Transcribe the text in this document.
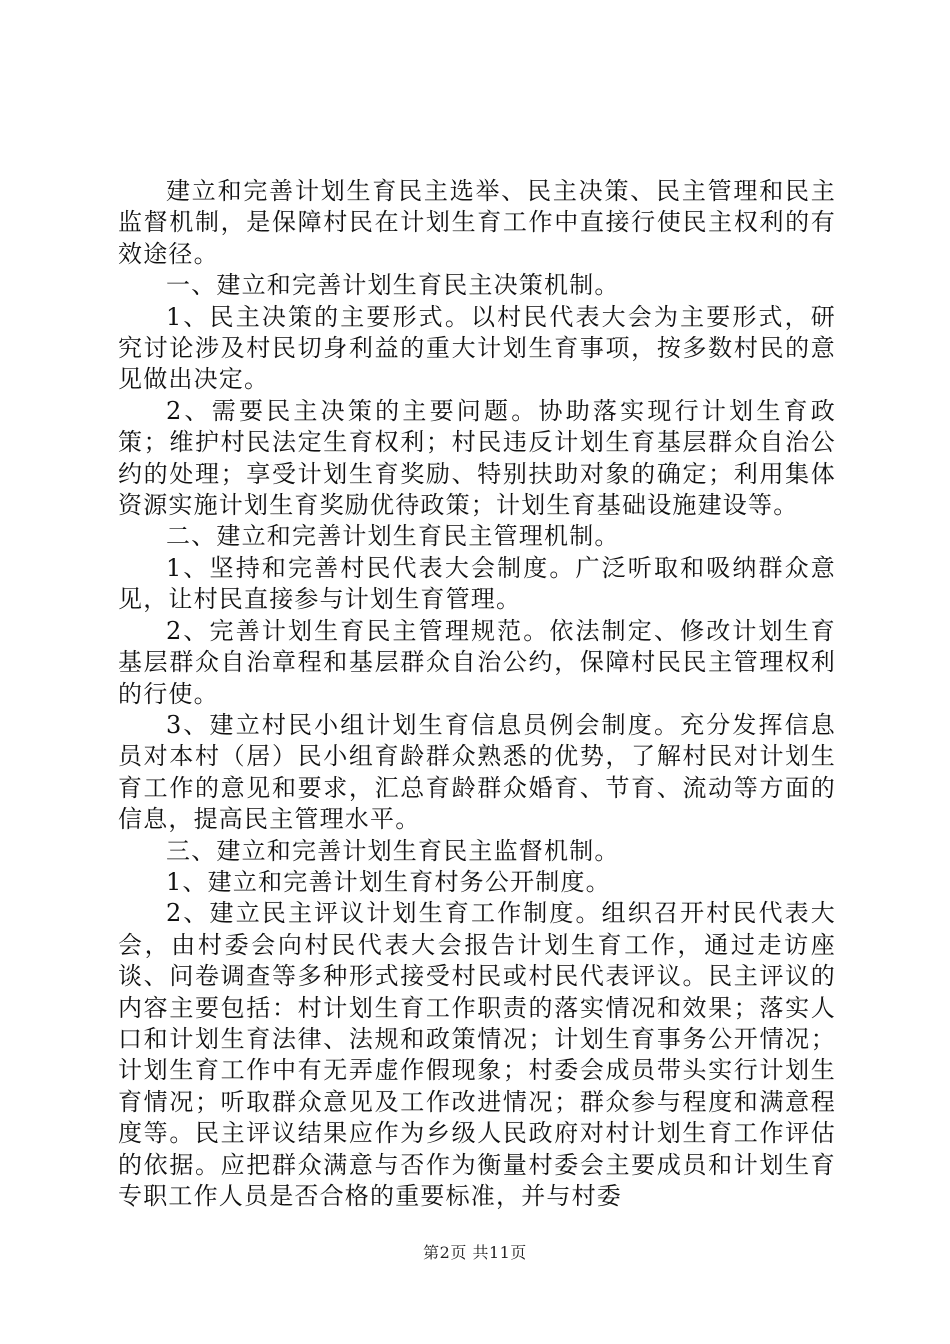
建立和完善计划生育民主选举、民主决策、民主管理和民主监督机制，是保障村民在计划生育工作中直接行使民主权利的有效途径。

一、建立和完善计划生育民主决策机制。

1、民主决策的主要形式。以村民代表大会为主要形式，研究讨论涉及村民切身利益的重大计划生育事项，按多数村民的意见做出决定。

2、需要民主决策的主要问题。协助落实现行计划生育政策；维护村民法定生育权利；村民违反计划生育基层群众自治公约的处理；享受计划生育奖励、特别扶助对象的确定；利用集体资源实施计划生育奖励优待政策；计划生育基础设施建设等。

二、建立和完善计划生育民主管理机制。

1、坚持和完善村民代表大会制度。广泛听取和吸纳群众意见，让村民直接参与计划生育管理。

2、完善计划生育民主管理规范。依法制定、修改计划生育基层群众自治章程和基层群众自治公约，保障村民民主管理权利的行使。

3、建立村民小组计划生育信息员例会制度。充分发挥信息员对本村（居）民小组育龄群众熟悉的优势，了解村民对计划生育工作的意见和要求，汇总育龄群众婚育、节育、流动等方面的信息，提高民主管理水平。

三、建立和完善计划生育民主监督机制。

1、建立和完善计划生育村务公开制度。

2、建立民主评议计划生育工作制度。组织召开村民代表大会，由村委会向村民代表大会报告计划生育工作，通过走访座谈、问卷调查等多种形式接受村民或村民代表评议。民主评议的内容主要包括：村计划生育工作职责的落实情况和效果；落实人口和计划生育法律、法规和政策情况；计划生育事务公开情况；计划生育工作中有无弄虚作假现象；村委会成员带头实行计划生育情况；听取群众意见及工作改进情况；群众参与程度和满意程度等。民主评议结果应作为乡级人民政府对村计划生育工作评估的依据。应把群众满意与否作为衡量村委会主要成员和计划生育专职工作人员是否合格的重要标准，并与村委

第2页 共11页
